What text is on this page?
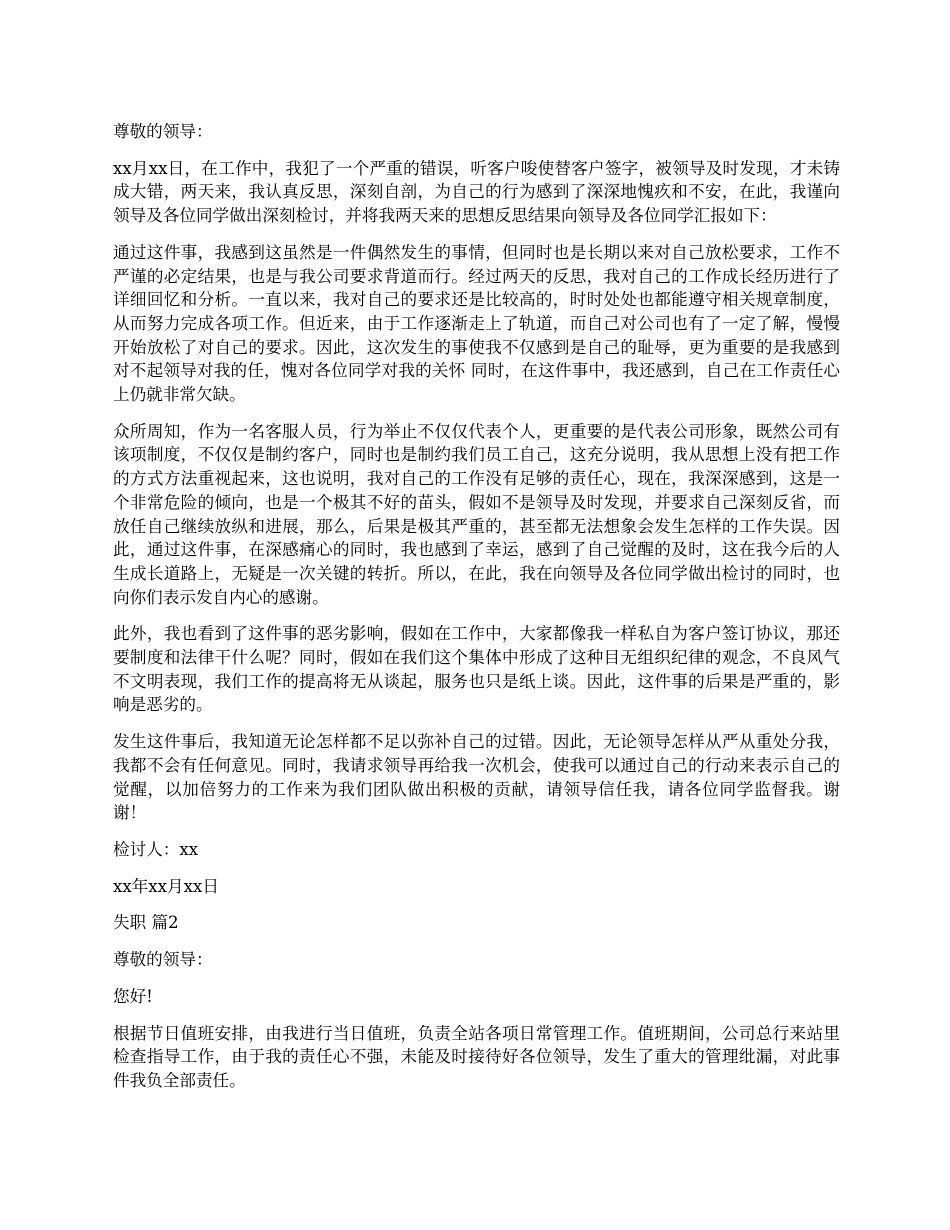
尊敬的领导：

xx月xx日，在工作中，我犯了一个严重的错误，听客户唆使替客户签字，被领导及时发现，才未铸成大错，两天来，我认真反思，深刻自剖，为自己的行为感到了深深地愧疚和不安，在此，我谨向领导及各位同学做出深刻检讨，并将我两天来的思想反思结果向领导及各位同学汇报如下：

通过这件事，我感到这虽然是一件偶然发生的事情，但同时也是长期以来对自己放松要求，工作不严谨的必定结果，也是与我公司要求背道而行。经过两天的反思，我对自己的工作成长经历进行了详细回忆和分析。一直以来，我对自己的要求还是比较高的，时时处处也都能遵守相关规章制度，从而努力完成各项工作。但近来，由于工作逐渐走上了轨道，而自己对公司也有了一定了解，慢慢开始放松了对自己的要求。因此，这次发生的事使我不仅感到是自己的耻辱，更为重要的是我感到对不起领导对我的任，愧对各位同学对我的关怀 同时，在这件事中，我还感到，自己在工作责任心上仍就非常欠缺。

众所周知，作为一名客服人员，行为举止不仅仅代表个人，更重要的是代表公司形象，既然公司有该项制度，不仅仅是制约客户，同时也是制约我们员工自己，这充分说明，我从思想上没有把工作的方式方法重视起来，这也说明，我对自己的工作没有足够的责任心，现在，我深深感到，这是一个非常危险的倾向，也是一个极其不好的苗头，假如不是领导及时发现，并要求自己深刻反省，而放任自己继续放纵和进展，那么，后果是极其严重的，甚至都无法想象会发生怎样的工作失误。因此，通过这件事，在深感痛心的同时，我也感到了幸运，感到了自己觉醒的及时，这在我今后的人生成长道路上，无疑是一次关键的转折。所以，在此，我在向领导及各位同学做出检讨的同时，也向你们表示发自内心的感谢。

此外，我也看到了这件事的恶劣影响，假如在工作中，大家都像我一样私自为客户签订协议，那还要制度和法律干什么呢？同时，假如在我们这个集体中形成了这种目无组织纪律的观念，不良风气 不文明表现，我们工作的提高将无从谈起，服务也只是纸上谈。因此，这件事的后果是严重的，影响是恶劣的。

发生这件事后，我知道无论怎样都不足以弥补自己的过错。因此，无论领导怎样从严从重处分我，我都不会有任何意见。同时，我请求领导再给我一次机会，使我可以通过自己的行动来表示自己的觉醒，以加倍努力的工作来为我们团队做出积极的贡献，请领导信任我，请各位同学监督我。谢谢！

检讨人：xx

xx年xx月xx日

失职 篇2

尊敬的领导：

您好!

根据节日值班安排，由我进行当日值班，负责全站各项日常管理工作。值班期间，公司总行来站里检查指导工作，由于我的责任心不强，未能及时接待好各位领导，发生了重大的管理纰漏，对此事件我负全部责任。
